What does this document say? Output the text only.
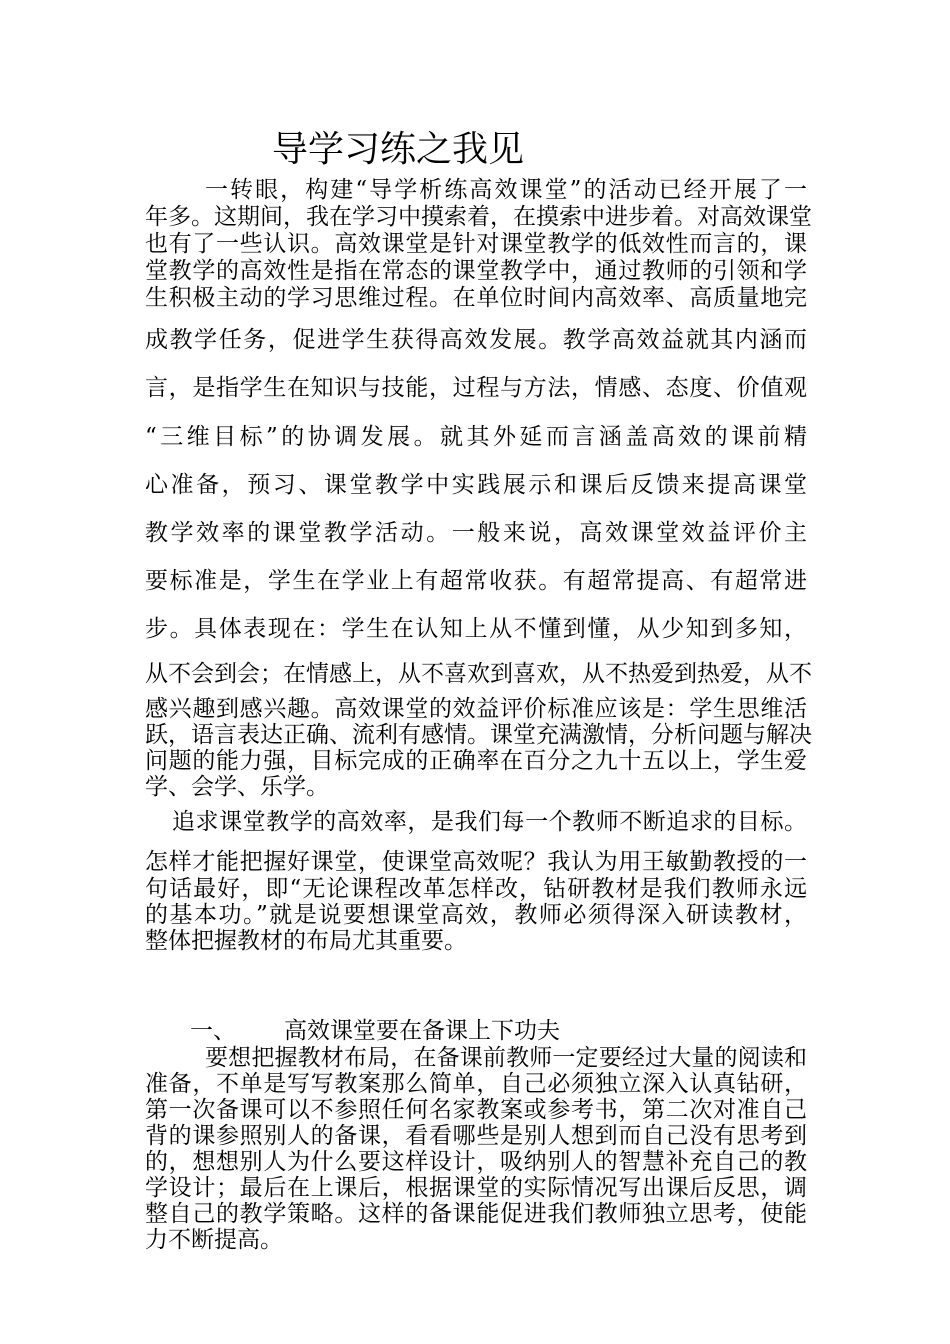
导学习练之我见
一转眼，构建“导学析练高效课堂”的活动已经开展了一
年多。这期间，我在学习中摸索着，在摸索中进步着。对高效课堂
也有了一些认识。高效课堂是针对课堂教学的低效性而言的，课
堂教学的高效性是指在常态的课堂教学中，通过教师的引领和学
生积极主动的学习思维过程。在单位时间内高效率、高质量地完
成教学任务，促进学生获得高效发展。教学高效益就其内涵而
言，是指学生在知识与技能，过程与方法，情感、态度、价值观
“三维目标”的协调发展。就其外延而言涵盖高效的课前精
心准备，预习、课堂教学中实践展示和课后反馈来提高课堂
教学效率的课堂教学活动。一般来说，高效课堂效益评价主
要标准是，学生在学业上有超常收获。有超常提高、有超常进
步。具体表现在：学生在认知上从不懂到懂，从少知到多知，
从不会到会；在情感上，从不喜欢到喜欢，从不热爱到热爱，从不
感兴趣到感兴趣。高效课堂的效益评价标准应该是：学生思维活
跃，语言表达正确、流利有感情。课堂充满激情，分析问题与解决
问题的能力强，目标完成的正确率在百分之九十五以上，学生爱
学、会学、乐学。
追求课堂教学的高效率，是我们每一个教师不断追求的目标。
怎样才能把握好课堂，使课堂高效呢？我认为用王敏勤教授的一
句话最好，即“无论课程改革怎样改，钻研教材是我们教师永远
的基本功。”就是说要想课堂高效，教师必须得深入研读教材，
整体把握教材的布局尤其重要。
一、 高效课堂要在备课上下功夫
要想把握教材布局，在备课前教师一定要经过大量的阅读和
准备，不单是写写教案那么简单，自己必须独立深入认真钻研，
第一次备课可以不参照任何名家教案或参考书，第二次对准自己
背的课参照别人的备课，看看哪些是别人想到而自己没有思考到
的，想想别人为什么要这样设计，吸纳别人的智慧补充自己的教
学设计；最后在上课后，根据课堂的实际情况写出课后反思，调
整自己的教学策略。这样的备课能促进我们教师独立思考，使能
力不断提高。
